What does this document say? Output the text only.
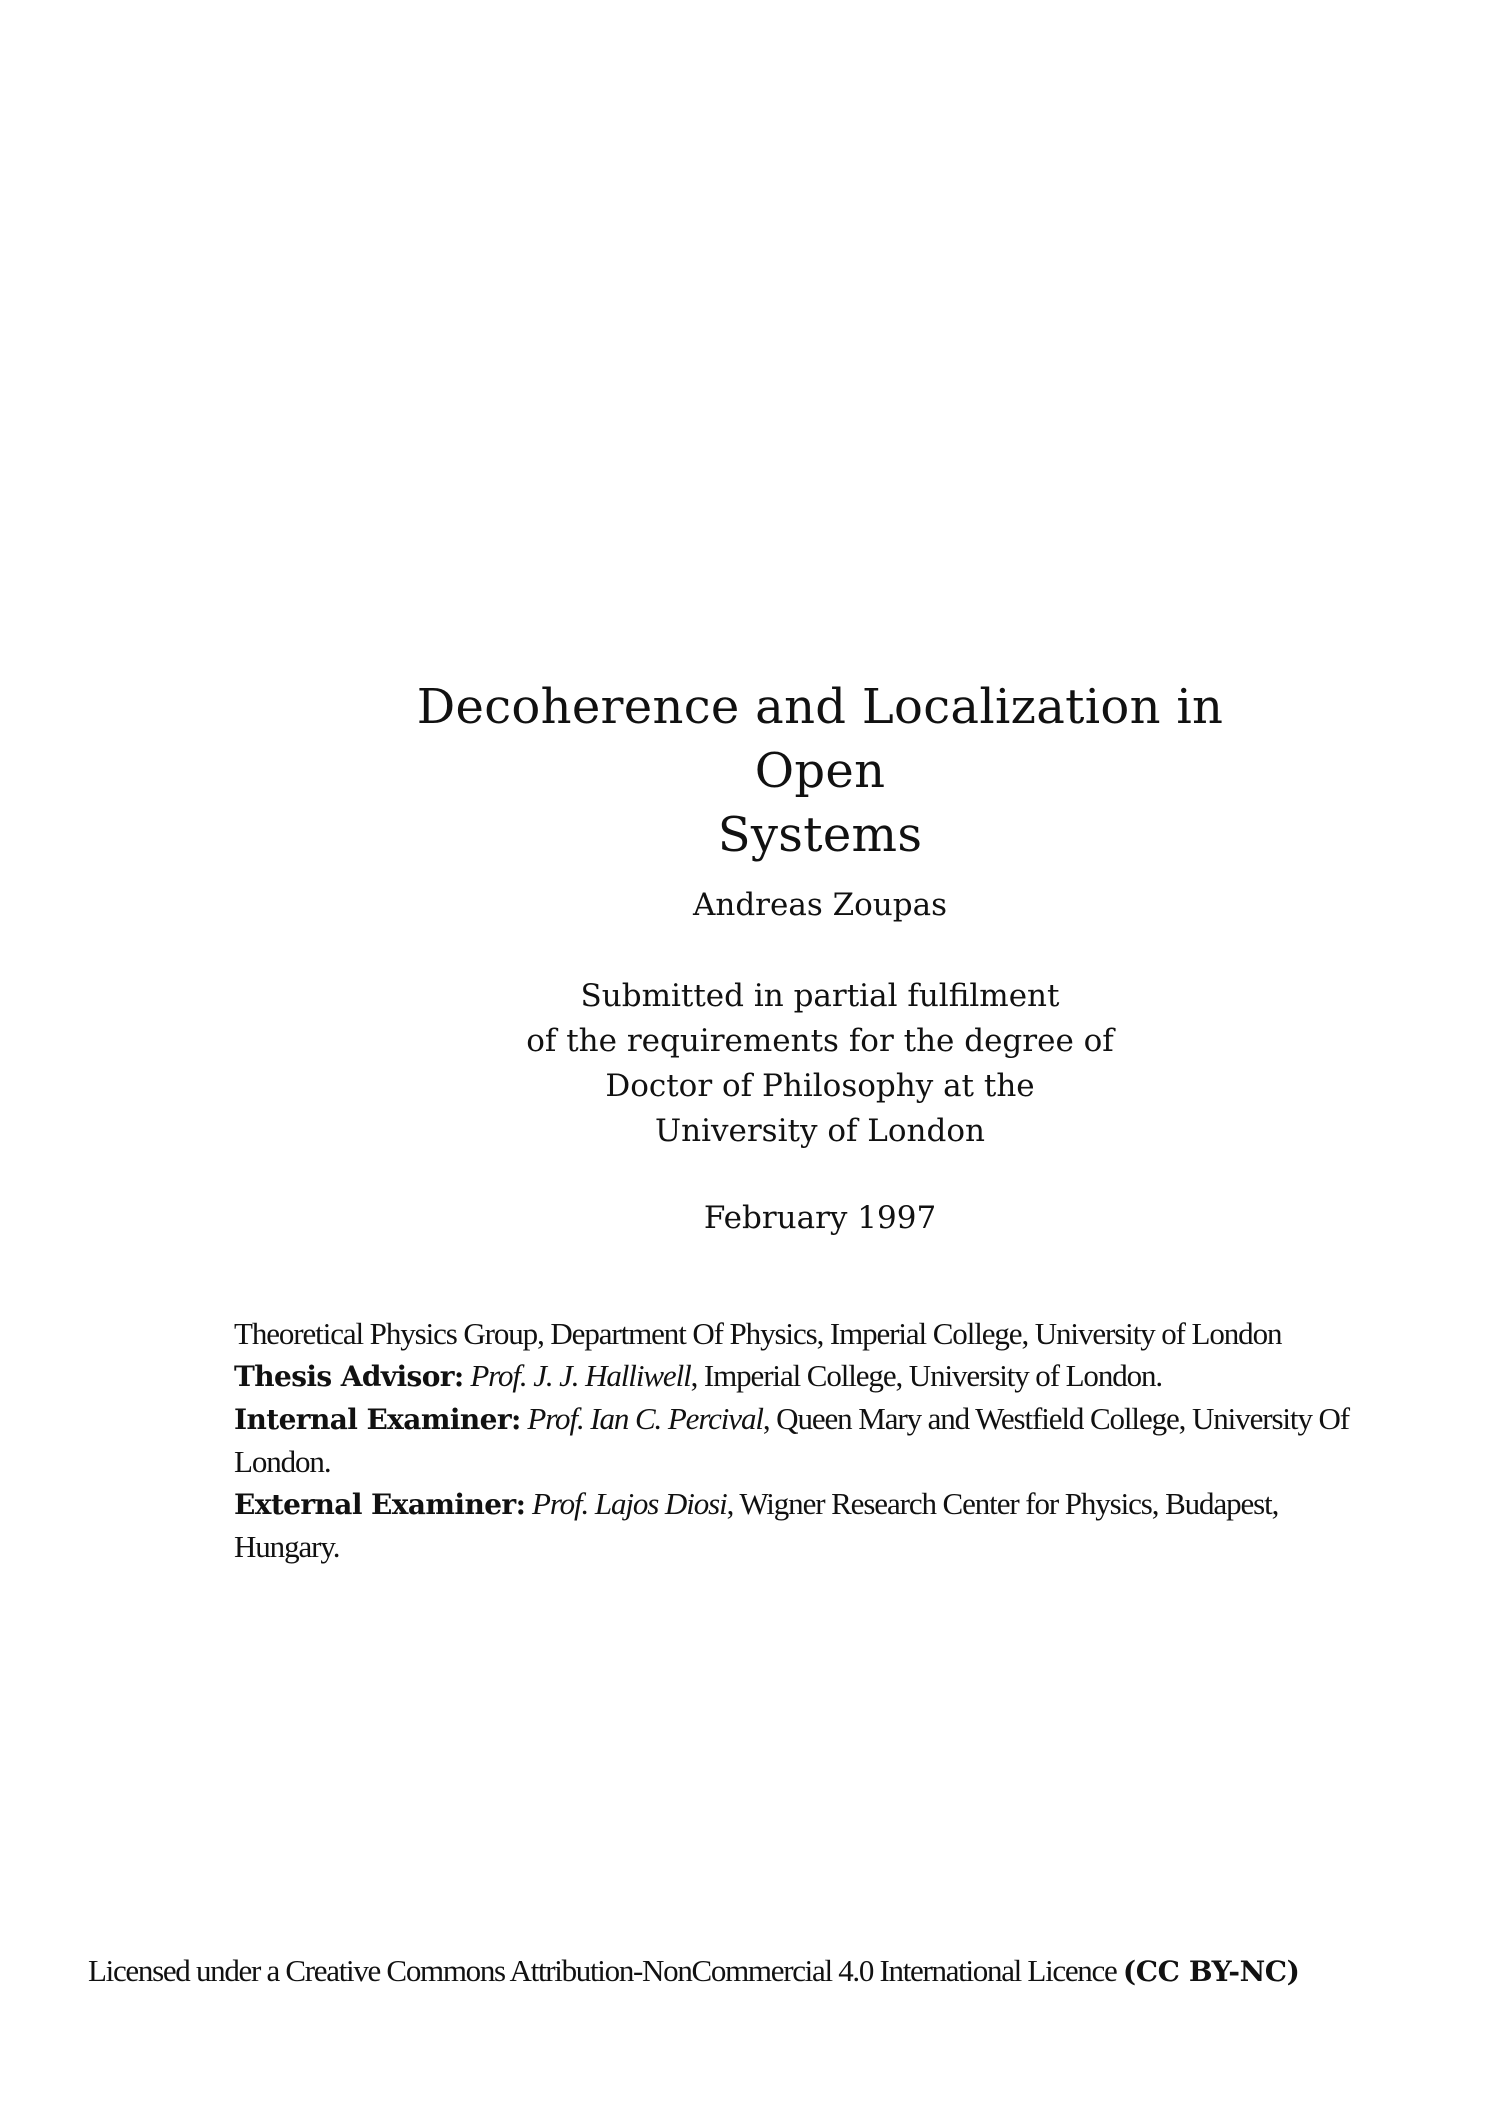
Decoherence and Localization in Open
Systems
Andreas Zoupas
Submitted in partial fulfilment
of the requirements for the degree of
Doctor of Philosophy at the
University of London
February 1997

Theoretical Physics Group, Department Of Physics, Imperial College, University of London

Thesis Advisor: Prof. J. J. Halliwell, Imperial College, University of London.

Internal Examiner: Prof. Ian C. Percival, Queen Mary and Westfield College, University Of London.

External Examiner: Prof. Lajos Diosi, Wigner Research Center for Physics, Budapest, Hungary.

Licensed under a Creative Commons Attribution-NonCommercial 4.0 International Licence (CC BY-NC)
